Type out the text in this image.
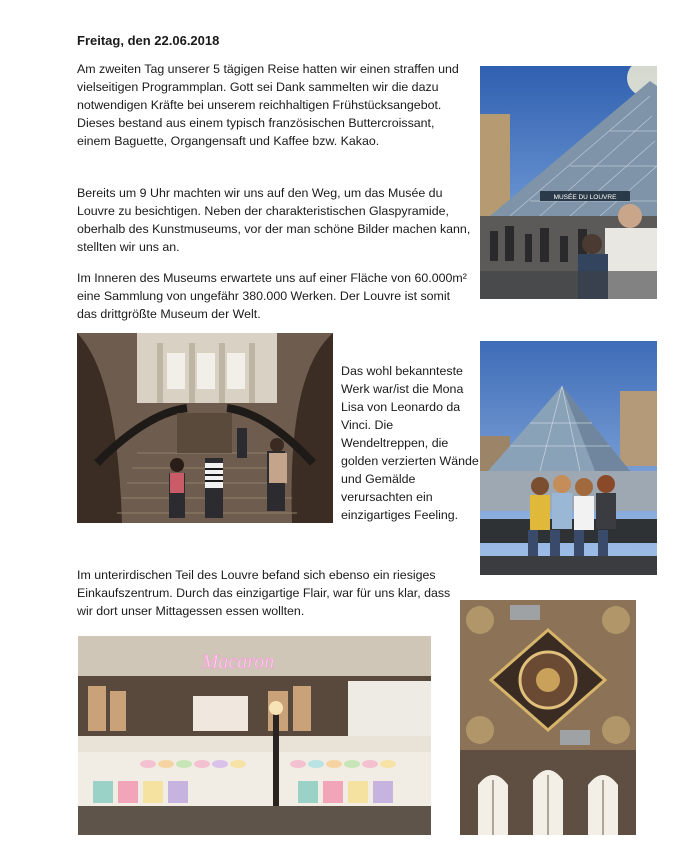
Freitag, den 22.06.2018

Am zweiten Tag unserer 5 tägigen Reise hatten wir einen straffen und vielseitigen Programmplan. Gott sei Dank sammelten wir die dazu notwendigen Kräfte bei unserem reichhaltigen Frühstücksangebot. Dieses bestand aus einem typisch französischen Buttercroissant, einem Baguette, Organgensaft und Kaffee bzw. Kakao.

Bereits um 9 Uhr machten wir uns auf den Weg, um das Musée du Louvre zu besichtigen. Neben der charakteristischen Glaspyramide, oberhalb des Kunstmuseums, vor der man schöne Bilder machen kann, stellten wir uns an.

Im Inneren des Museums erwartete uns auf einer Fläche von 60.000m² eine Sammlung von ungefähr 380.000 Werken. Der Louvre ist somit das drittgrößte Museum der Welt.

Das wohl bekannteste Werk war/ist die Mona Lisa von Leonardo da Vinci. Die Wendeltreppen, die golden verzierten Wände und Gemälde verursachten ein einzigartiges Feeling.

Im unterirdischen Teil des Louvre befand sich ebenso ein riesiges Einkaufszentrum. Durch das einzigartige Flair, war für uns klar, dass wir dort unser Mittagessen essen wollten.

MUSÉE DU LOUVRE
Macaron
